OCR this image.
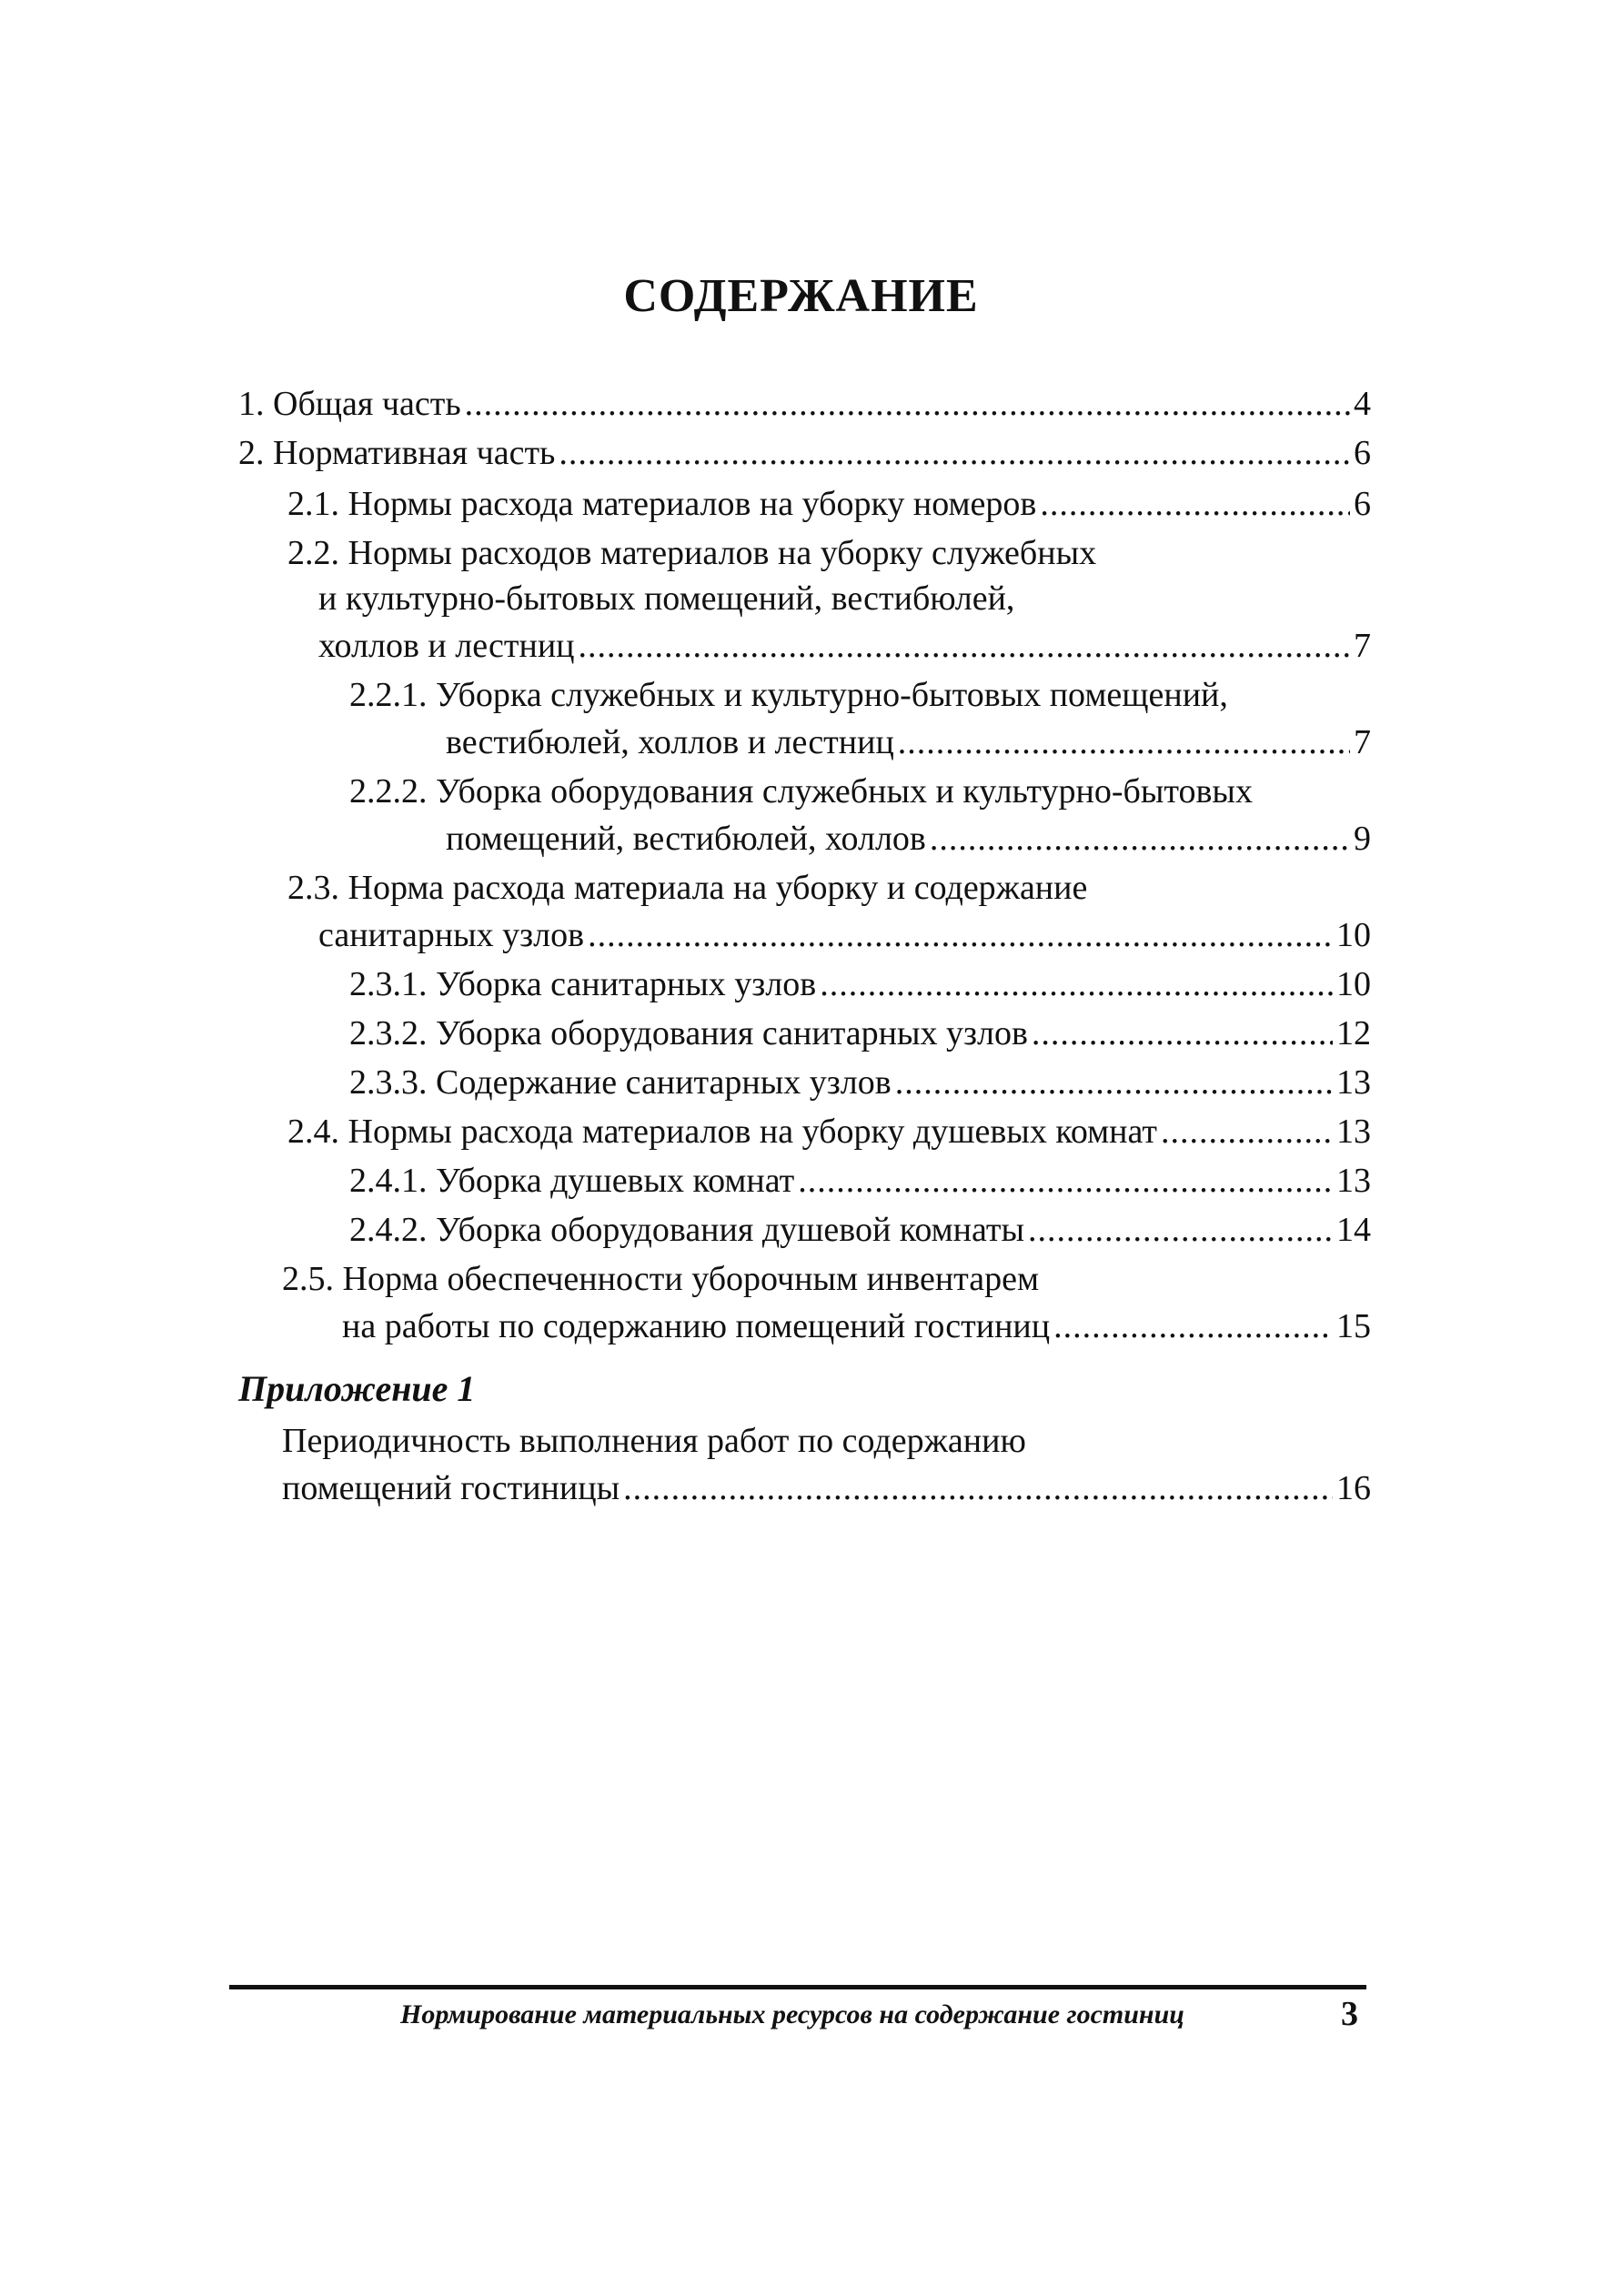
СОДЕРЖАНИЕ
1. Общая часть .....	4
2. Нормативная часть .....	6
2.1. Нормы расхода материалов на уборку номеров .....	6
2.2. Нормы расходов материалов на уборку служебных
и культурно-бытовых помещений, вестибюлей,
холлов и лестниц .....	7
2.2.1. Уборка служебных и культурно-бытовых помещений,
вестибюлей, холлов и лестниц .....	7
2.2.2. Уборка оборудования служебных и культурно-бытовых
помещений, вестибюлей, холлов .....	9
2.3. Норма расхода материала на уборку и содержание
санитарных узлов .....	10
2.3.1. Уборка санитарных узлов .....	10
2.3.2. Уборка оборудования санитарных узлов .....	12
2.3.3. Содержание санитарных узлов .....	13
2.4. Нормы расхода материалов на уборку душевых комнат .....	13
2.4.1. Уборка душевых комнат .....	13
2.4.2. Уборка оборудования душевой комнаты .....	14
2.5. Норма обеспеченности уборочным инвентарем
на работы по содержанию помещений гостиниц .....	15
Приложение 1
Периодичность выполнения работ по содержанию
помещений гостиницы .....	16
Нормирование материальных ресурсов на содержание гостиниц	3
